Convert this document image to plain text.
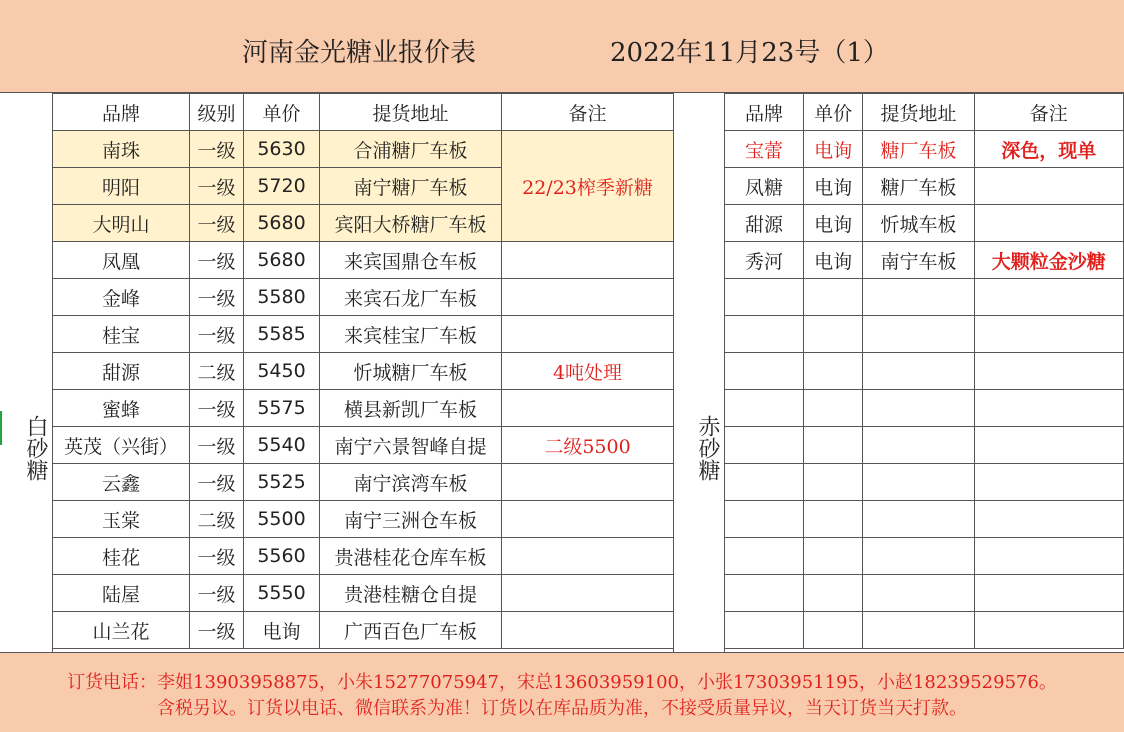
河南金光糖业报价表	2022年11月23号（1）
白砂糖
品牌	级别	单价	提货地址	备注
南珠	一级	5630	合浦糖厂车板	22/23榨季新糖
明阳	一级	5720	南宁糖厂车板	
大明山	一级	5680	宾阳大桥糖厂车板	
凤凰	一级	5680	来宾国鼎仓车板	
金峰	一级	5580	来宾石龙厂车板	
桂宝	一级	5585	来宾桂宝厂车板	
甜源	二级	5450	忻城糖厂车板	4吨处理
蜜蜂	一级	5575	横县新凯厂车板	
英茂（兴街）	一级	5540	南宁六景智峰自提	二级5500
云鑫	一级	5525	南宁滨湾车板	
玉棠	二级	5500	南宁三洲仓车板	
桂花	一级	5560	贵港桂花仓库车板	
陆屋	一级	5550	贵港桂糖仓自提	
山兰花	一级	电询	广西百色厂车板	
赤砂糖
品牌	单价	提货地址	备注
宝蕾	电询	糖厂车板	深色，现单
凤糖	电询	糖厂车板	
甜源	电询	忻城车板	
秀河	电询	南宁车板	大颗粒金沙糖

订货电话：李姐13903958875，小朱15277075947，宋总13603959100，小张17303951195，小赵18239529576。
含税另议。订货以电话、微信联系为准！订货以在库品质为准，不接受质量异议，当天订货当天打款。
